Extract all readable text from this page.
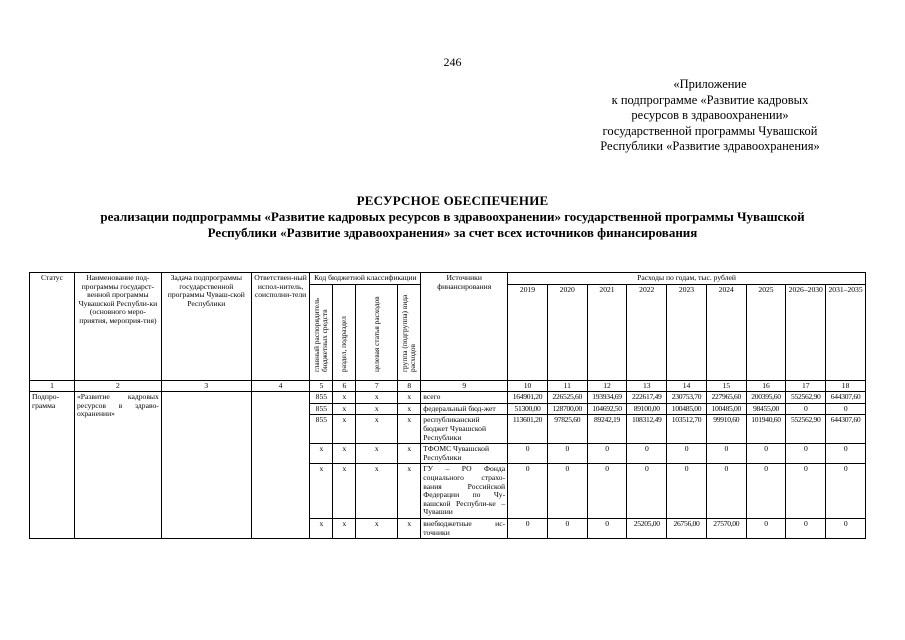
246
«Приложение
к подпрограмме «Развитие кадровых
ресурсов в здравоохранении»
государственной программы Чувашской
Республики «Развитие здравоохранения»
РЕСУРСНОЕ ОБЕСПЕЧЕНИЕ
реализации подпрограммы «Развитие кадровых ресурсов в здравоохранении» государственной программы Чувашской
Республики «Развитие здравоохранения» за счет всех источников финансирования
Статус	Наименование под-программы государст-венной программы Чувашской Республи-ки (основного меро-приятия, мероприя-тия)	Задача подпрограммы государственной программы Чуваш-ской Республики	Ответствен-ный испол-нитель, соисполни-тели	Код бюджетной классификации				Источники финансирования	Расходы по годам, тыс. рублей								

				главный распорядитель бюджетных средств	раздел, подраздел	целевая статья расходов	группа (подгруппа) вида расходов		2019	2020	2021	2022	2023	2024	2025	2026–2030	2031–2035
1	2	3	4	5	6	7	8	9	10	11	12	13	14	15	16	17	18
Подпро-грамма	«Развитие кадровых ресурсов в здраво-охранении»			855	x	x	x	всего	164901,20	226525,60	193934,69	222617,49	230753,70	227965,60	200395,60	552562,90	644307,60
				855	x	x	x	федеральный бюд-жет	51300,00	128700,00	104692,50	89100,00	100485,00	100485,00	98455,00	0	0
				855	x	x	x	республиканский бюджет Чувашской Республики	113601,20	97825,60	89242,19	108312,49	103512,70	99910,60	101940,60	552562,90	644307,60
				x	x	x	x	ТФОМС Чувашской Республики	0	0	0	0	0	0	0	0	0
				x	x	x	x	ГУ – РО Фонда социального страхо-вания Российской Федерации по Чу-вашской Республи-ке – Чувашии	0	0	0	0	0	0	0	0	0
				x	x	x	x	внебюджетные ис-точники	0	0	0	25205,00	26756,00	27570,00	0	0	0
